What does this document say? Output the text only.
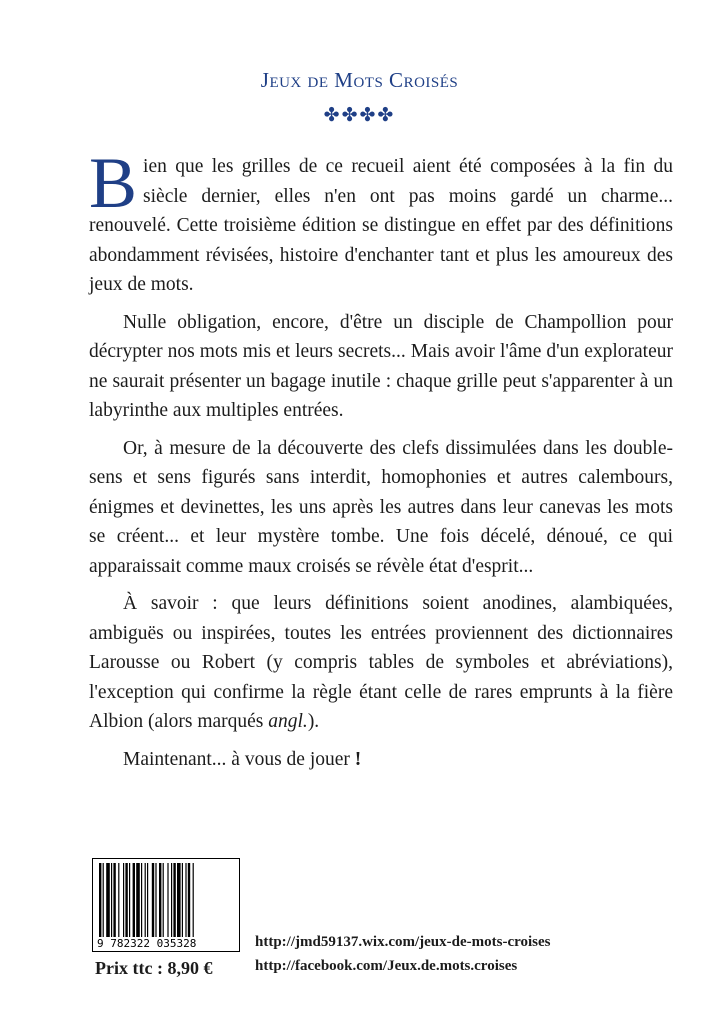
Jeux de Mots Croisés
✤✤✤✤

Bien que les grilles de ce recueil aient été composées à la fin du siècle dernier, elles n'en ont pas moins gardé un charme... renouvelé. Cette troisième édition se distingue en effet par des définitions abondamment révisées, histoire d'enchanter tant et plus les amoureux des jeux de mots.

Nulle obligation, encore, d'être un disciple de Champollion pour décrypter nos mots mis et leurs secrets... Mais avoir l'âme d'un explorateur ne saurait présenter un bagage inutile : chaque grille peut s'apparenter à un labyrinthe aux multiples entrées.

Or, à mesure de la découverte des clefs dissimulées dans les double-sens et sens figurés sans interdit, homophonies et autres calembours, énigmes et devinettes, les uns après les autres dans leur canevas les mots se créent... et leur mystère tombe. Une fois décelé, dénoué, ce qui apparaissait comme maux croisés se révèle état d'esprit...

À savoir : que leurs définitions soient anodines, alambiquées, ambiguës ou inspirées, toutes les entrées proviennent des dictionnaires Larousse ou Robert (y compris tables de symboles et abréviations), l'exception qui confirme la règle étant celle de rares emprunts à la fière Albion (alors marqués angl.).

Maintenant... à vous de jouer !

9 782322 035328
Prix ttc : 8,90 €
http://jmd59137.wix.com/jeux-de-mots-croises
http://facebook.com/Jeux.de.mots.croises
